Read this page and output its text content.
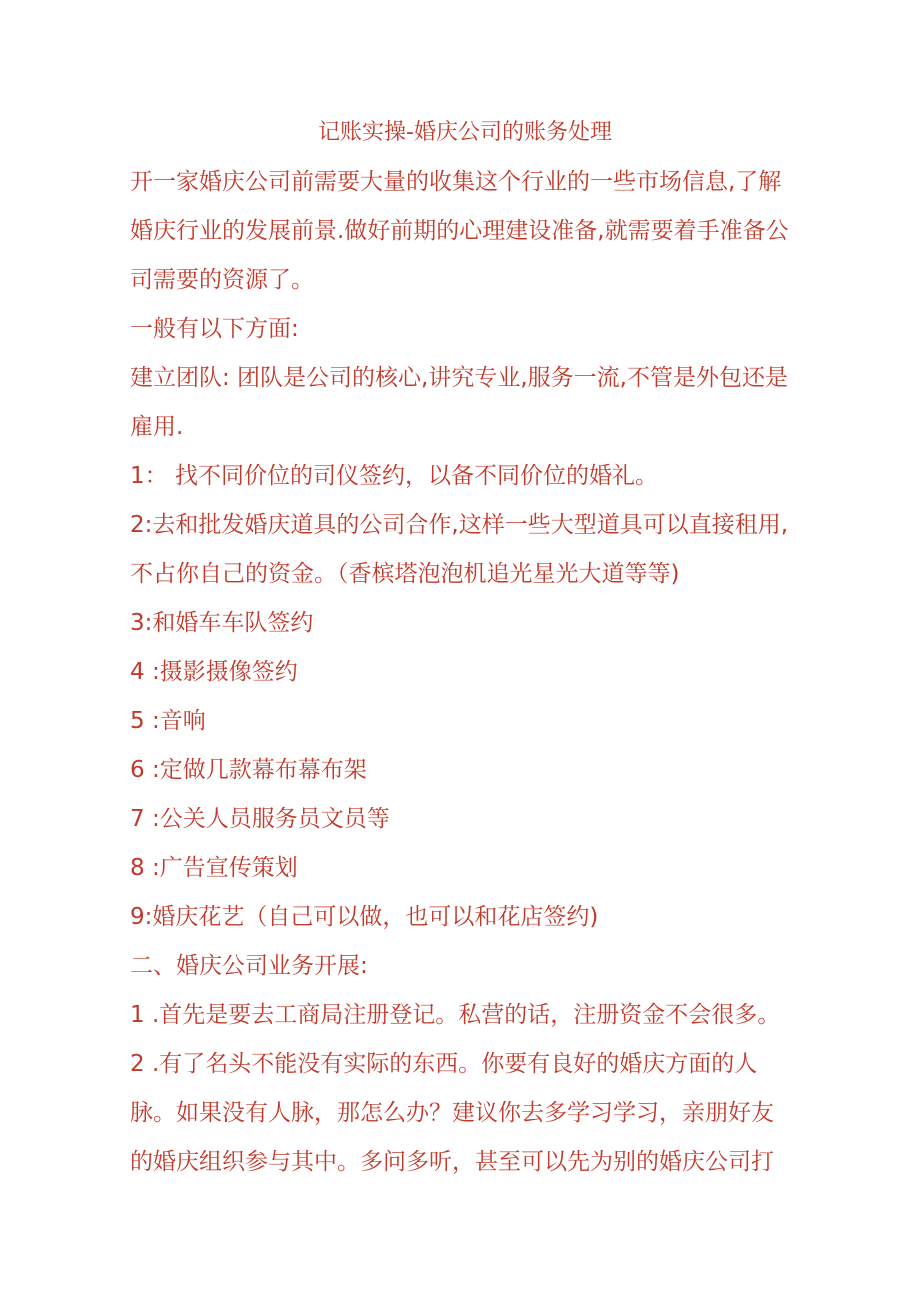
记账实操-婚庆公司的账务处理

开一家婚庆公司前需要大量的收集这个行业的一些市场信息,了解
婚庆行业的发展前景.做好前期的心理建设准备,就需要着手准备公
司需要的资源了。

一般有以下方面:

建立团队: 团队是公司的核心,讲究专业,服务一流,不管是外包还是
雇用.

1： 找不同价位的司仪签约，以备不同价位的婚礼。

2:去和批发婚庆道具的公司合作,这样一些大型道具可以直接租用,
不占你自己的资金。（香槟塔泡泡机追光星光大道等等)

3:和婚车车队签约

4 :摄影摄像签约

5 :音响

6 :定做几款幕布幕布架

7 :公关人员服务员文员等

8 :广告宣传策划

9:婚庆花艺（自己可以做，也可以和花店签约)

二、婚庆公司业务开展:

1 .首先是要去工商局注册登记。私营的话，注册资金不会很多。

2 .有了名头不能没有实际的东西。你要有良好的婚庆方面的人
脉。如果没有人脉，那怎么办？建议你去多学习学习，亲朋好友
的婚庆组织参与其中。多问多听，甚至可以先为别的婚庆公司打
